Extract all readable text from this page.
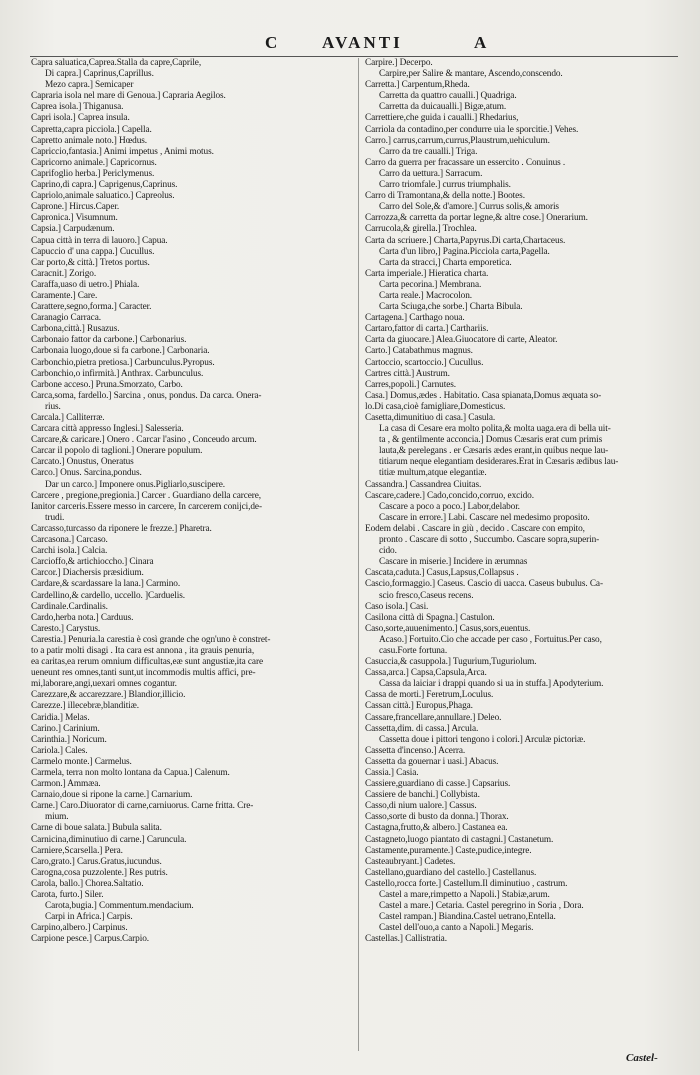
C AVANTI	A
Capra saluatica,Caprea.Stalla da capre,Caprile,
Di capra.] Caprinus,Caprillus.
Mezo capra.] Semicaper
Capraria isola nel mare di Genoua.] Capraria Aegilos.
Caprea isola.] Thiganusa.
Capri isola.] Caprea insula.
Capretta,capra picciola.] Capella.
Capretto animale noto.] Hœdus.
Capriccio,fantasia.] Animi impetus , Animi motus.
Capricorno animale.] Capricornus.
Caprifoglio herba.] Periclymenus.
Caprino,di capra.] Caprigenus,Caprinus.
Capriolo,animale saluatico.] Capreolus.
Caprone.] Hircus.Caper.
Capronica.] Visumnum.
Capsia.] Carpudænum.
Capua città in terra di lauoro.] Capua.
Capuccio d' una cappa.] Cucullus.
Car porto,& città.] Tretos portus.
Caracnit.] Zorigo.
Caraffa,uaso di uetro.] Phiala.
Caramente.] Care.
Carattere,segno,forma.] Caracter.
Caranagio Carraca.
Carbona,città.] Rusazus.
Carbonaio fattor da carbone.] Carbonarius.
Carbonaia luogo,doue si fa carbone.] Carbonaria.
Carbonchio,pietra pretiosa.] Carbunculus.Pyropus.
Carbonchio,o infirmità.] Anthrax. Carbunculus.
Carbone acceso.] Pruna.Smorzato, Carbo.
Carca,soma, fardello.] Sarcina , onus, pondus. Da carca. Onera-
rius.
Carcala.] Calliterræ.
Carcara città appresso Inglesi.] Salesseria.
Carcare,& caricare.] Onero . Carcar l'asino , Conceudo arcum.
Carcar il popolo di taglioni.] Onerare populum.
Carcato.] Onustus, Oneratus
Carco.] Onus. Sarcina,pondus.
Dar un carco.] Imponere onus.Pigliarlo,suscipere.
Carcere , pregione,pregionia.] Carcer . Guardiano della carcere,
Ianitor carceris.Essere messo in carcere, In carcerem conijci,de-
trudi.
Carcasso,turcasso da riponere le frezze.] Pharetra.
Carcasona.] Carcaso.
Carchi isola.] Calcia.
Carcioffo,& artichioccho.] Cinara
Carcor.] Diachersis præsidium.
Cardare,& scardassare la lana.] Carmino.
Cardellino,& cardello, uccello. ]Carduelis.
Cardinale.Cardinalis.
Cardo,herba nota.] Carduus.
Caresto.] Carystus.
Carestia.] Penuria.la carestia è così grande che ogn'uno è constret-
to a patir molti disagi . Ita cara est annona , ita grauis penuria,
ea caritas,ea rerum omnium difficultas,eæ sunt angustiæ,ita care
ueneunt res omnes,tanti sunt,ut incommodis multis affici, pre-
mi,laborare,angi,uexari omnes cogantur.
Carezzare,& accarezzare.] Blandior,illicio.
Carezze.] illecebræ,blanditiæ.
Caridia.] Melas.
Carino.] Carinium.
Carinthia.] Noricum.
Cariola.] Cales.
Carmelo monte.] Carmelus.
Carmela, terra non molto lontana da Capua.] Calenum.
Carmon.] Ammæa.
Carnaio,doue si ripone la carne.] Carnarium.
Carne.] Caro.Diuorator di carne,carniuorus. Carne fritta. Cre-
mium.
Carne di boue salata.] Bubula salita.
Carnicina,diminutiuo di carne.] Caruncula.
Carniere,Scarsella.] Pera.
Caro,grato.] Carus.Gratus,iucundus.
Carogna,cosa puzzolente.] Res putris.
Carola, ballo.] Chorea.Saltatio.
Carota, furto.] Siler.
Carota,bugia.] Commentum.mendacium.
Carpi in Africa.] Carpis.
Carpino,albero.] Carpinus.
Carpione pesce.] Carpus.Carpio.
Carpire.] Decerpo.
Carpire,per Salire & mantare, Ascendo,conscendo.
Carretta.] Carpentum,Rheda.
Carretta da quattro caualli.] Quadriga.
Carretta da duicaualli.] Bigæ,atum.
Carrettiere,che guida i caualli.] Rhedarius,
Carriola da contadino,per condurre uia le sporcitie.] Vehes.
Carro.] carrus,carrum,currus,Plaustrum,uehiculum.
Carro da tre caualli.] Triga.
Carro da guerra per fracassare un essercito . Conuinus .
Carro da uettura.] Sarracum.
Carro triomfale.] currus triumphalis.
Carro di Tramontana,& della notte.] Bootes.
Carro del Sole,& d'amore.] Currus solis,& amoris
Carrozza,& carretta da portar legne,& altre cose.] Onerarium.
Carrucola,& girella.] Trochlea.
Carta da scriuere.] Charta,Papyrus.Di carta,Chartaceus.
Carta d'un libro,] Pagina.Picciola carta,Pagella.
Carta da stracci,] Charta emporetica.
Carta imperiale.] Hieratica charta.
Carta pecorina.] Membrana.
Carta reale.] Macrocolon.
Carta Sciuga,che sorbe.] Charta Bibula.
Cartagena.] Carthago noua.
Cartaro,fattor di carta.] Carthariis.
Carta da giuocare.] Alea.Giuocatore di carte, Aleator.
Carto.] Catabathmus magnus.
Cartoccio, scartoccio.] Cucullus.
Cartres città.] Austrum.
Carres,popoli.] Carnutes.
Casa.] Domus,ædes . Habitatio. Casa spianata,Domus æquata so-
lo.Di casa,cioè famigliare,Domesticus.
Casetta,dimunitiuo di casa.] Casula.
La casa di Cesare era molto polita,& molta uaga.era di bella uit-
ta , & gentilmente acconcia.] Domus Cæsaris erat cum primis
lauta,& perelegans . er Cæsaris ædes erant,in quibus neque lau-
titiarum neque elegantiam desiderares.Erat in Cæsaris ædibus lau-
titiæ multum,atque elegantiæ.
Cassandra.] Cassandrea Ciuitas.
Cascare,cadere.] Cado,concido,corruo, excido.
Cascare a poco a poco.] Labor,delabor.
Cascare in errore.] Labi. Cascare nel medesimo proposito.
Eodem delabi . Cascare in giù , decido . Cascare con empito,
pronto . Cascare di sotto , Succumbo. Cascare sopra,superin-
cido.
Cascare in miserie.] Incidere in ærumnas
Cascata,caduta.] Casus,Lapsus,Collapsus .
Cascio,formaggio.] Caseus. Cascio di uacca. Caseus bubulus. Ca-
scio fresco,Caseus recens.
Caso isola.] Casi.
Casilona città di Spagna.] Castulon.
Caso,sorte,auuenimento.] Casus,sors,euentus.
Acaso.] Fortuito.Cio che accade per caso , Fortuitus.Per caso,
casu.Forte fortuna.
Casuccia,& casuppola.] Tugurium,Tuguriolum.
Cassa,arca.] Capsa,Capsula,Arca.
Cassa da laiciar i drappi quando si ua in stuffa.] Apodyterium.
Cassa de morti.] Feretrum,Loculus.
Cassan città.] Europus,Phaga.
Cassare,francellare,annullare.] Deleo.
Cassetta,dim. di cassa.] Arcula.
Cassetta doue i pittori tengono i colori.] Arculæ pictoriæ.
Cassetta d'incenso.] Acerra.
Cassetta da gouernar i uasi.] Abacus.
Cassia.] Casia.
Cassiere,guardiano di casse.] Capsarius.
Cassiere de banchi.] Collybista.
Casso,di nium ualore.] Cassus.
Casso,sorte di busto da donna.] Thorax.
Castagna,frutto,& albero.] Castanea ea.
Castagneto,luogo piantato di castagni.] Castanetum.
Castamente,puramente.] Caste,pudice,integre.
Casteaubryant.] Cadetes.
Castellano,guardiano del castello.] Castellanus.
Castello,rocca forte.] Castellum.Il diminutiuo , castrum.
Castel a mare,rimpetto a Napoli.] Stabiæ,arum.
Castel a mare.] Cetaria. Castel peregrino in Soria , Dora.
Castel rampan.] Biandina.Castel uetrano,Entella.
Castel dell'ouo,a canto a Napoli.] Megaris.
Castellas.] Callistratia.
Castel-
